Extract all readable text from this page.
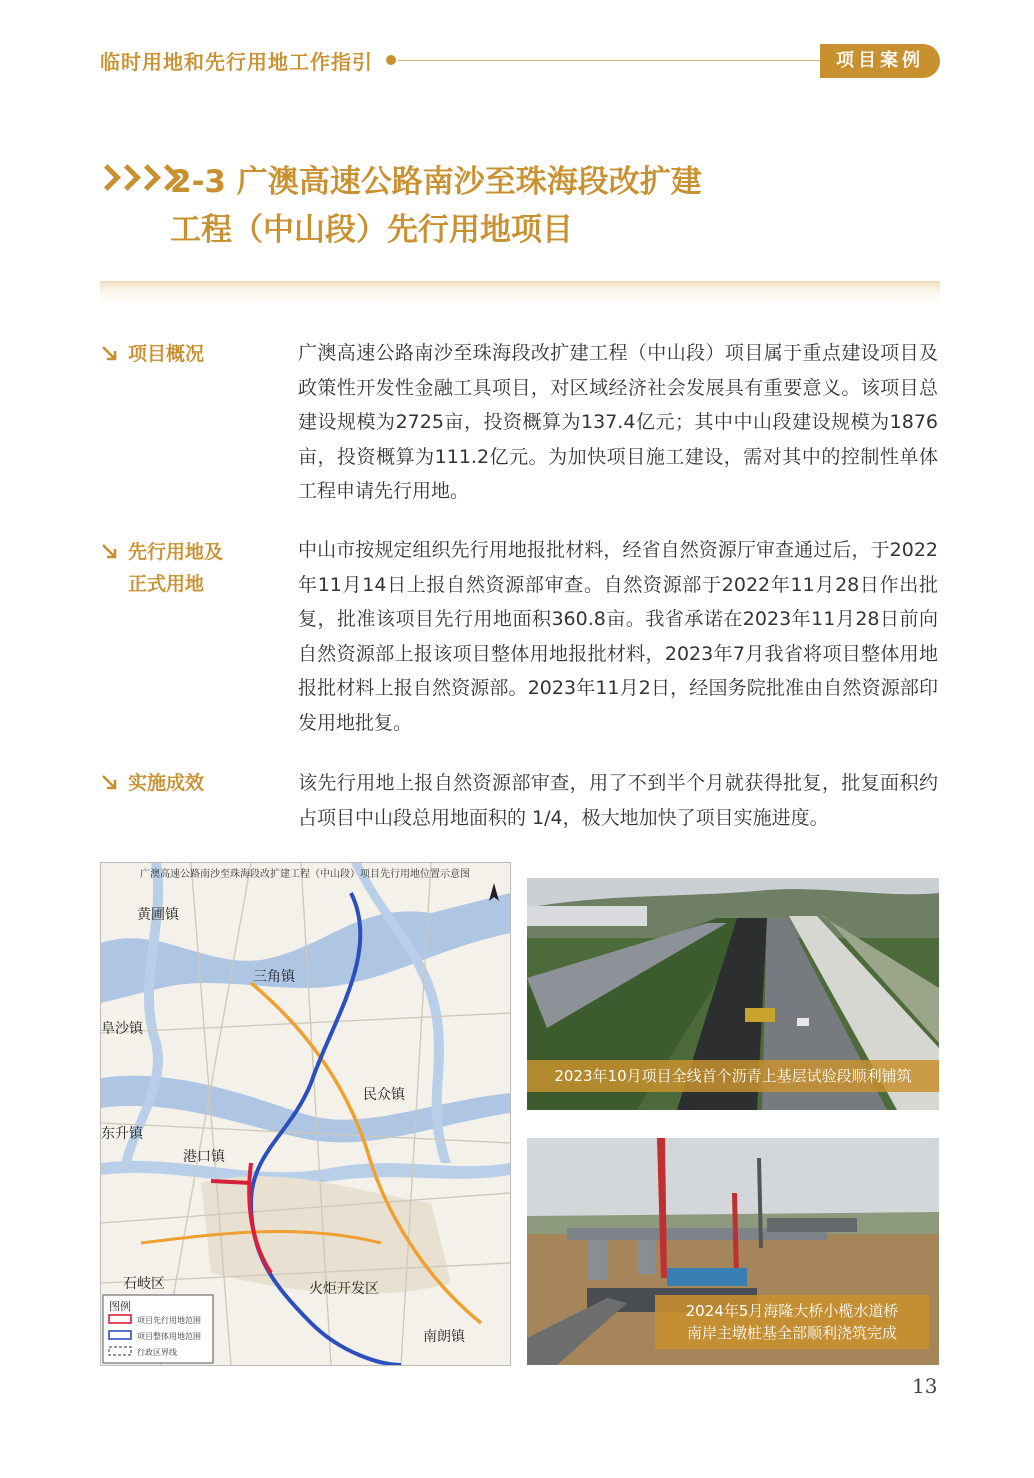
临时用地和先行用地工作指引	项目案例
2-3 广澳高速公路南沙至珠海段改扩建
工程（中山段）先行用地项目
项目概况	广澳高速公路南沙至珠海段改扩建工程（中山段）项目属于重点建设项目及政策性开发性金融工具项目，对区域经济社会发展具有重要意义。该项目总建设规模为2725亩，投资概算为137.4亿元；其中中山段建设规模为1876亩，投资概算为111.2亿元。为加快项目施工建设，需对其中的控制性单体工程申请先行用地。
先行用地及
正式用地
中山市按规定组织先行用地报批材料，经省自然资源厅审查通过后，于2022年11月14日上报自然资源部审查。自然资源部于2022年11月28日作出批复，批准该项目先行用地面积360.8亩。我省承诺在2023年11月28日前向自然资源部上报该项目整体用地报批材料，2023年7月我省将项目整体用地报批材料上报自然资源部。2023年11月2日，经国务院批准由自然资源部印发用地批复。
实施成效	该先行用地上报自然资源部审查，用了不到半个月就获得批复，批复面积约占项目中山段总用地面积的 1/4，极大地加快了项目实施进度。
广澳高速公路南沙至珠海段改扩建工程（中山段）项目先行用地位置示意图
黄圃镇
三角镇
阜沙镇
民众镇
东升镇
港口镇
石岐区	火炬开发区
南朗镇
图例
项目先行用地范围
项目整体用地范围
行政区界线
2023年10月项目全线首个沥青上基层试验段顺利铺筑
2024年5月海隆大桥小榄水道桥
南岸主墩桩基全部顺利浇筑完成
13
